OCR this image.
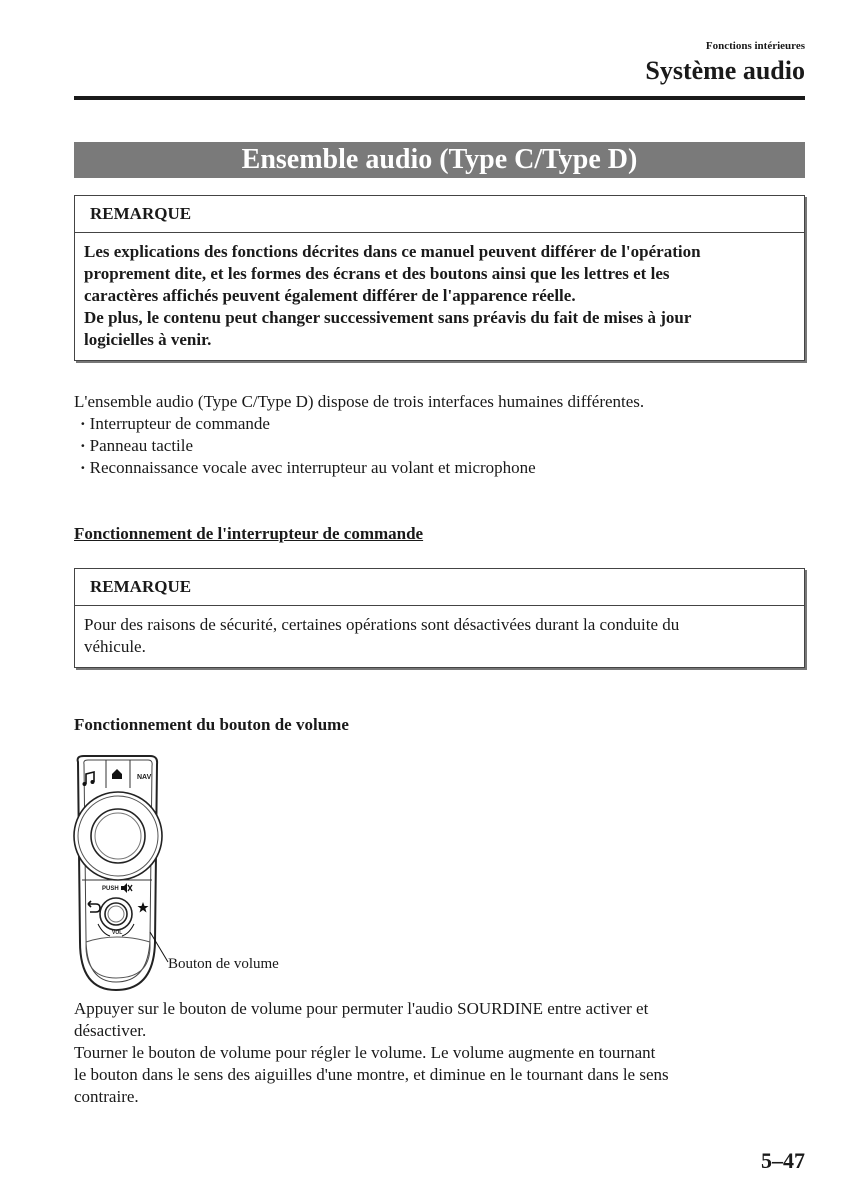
Fonctions intérieures
Système audio
Ensemble audio (Type C/Type D)
REMARQUE

Les explications des fonctions décrites dans ce manuel peuvent différer de l'opération

proprement dite, et les formes des écrans et des boutons ainsi que les lettres et les

caractères affichés peuvent également différer de l'apparence réelle.

De plus, le contenu peut changer successivement sans préavis du fait de mises à jour

logicielles à venir.

L'ensemble audio (Type C/Type D) dispose de trois interfaces humaines différentes.

· Interrupteur de commande

· Panneau tactile

· Reconnaissance vocale avec interrupteur au volant et microphone

Fonctionnement de l'interrupteur de commande
REMARQUE

Pour des raisons de sécurité, certaines opérations sont désactivées durant la conduite du

véhicule.

Fonctionnement du bouton de volume
NAV
PUSH
VOL
Bouton de volume

Appuyer sur le bouton de volume pour permuter l'audio SOURDINE entre activer et

désactiver.

Tourner le bouton de volume pour régler le volume. Le volume augmente en tournant

le bouton dans le sens des aiguilles d'une montre, et diminue en le tournant dans le sens

contraire.

5–47
